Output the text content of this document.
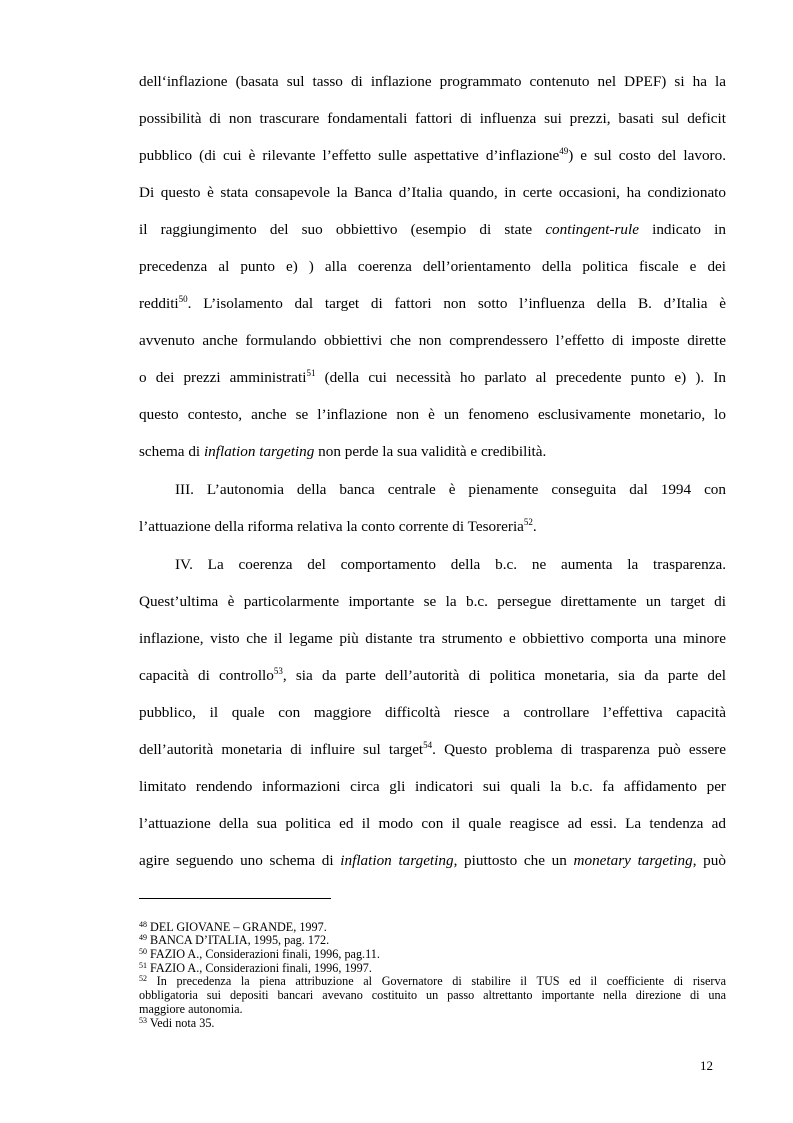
dell‘inflazione (basata sul tasso di inflazione programmato contenuto nel DPEF) si ha la
possibilità di non trascurare fondamentali fattori di influenza sui prezzi, basati sul deficit
pubblico (di cui è rilevante l’effetto sulle aspettative d’inflazione$^{49}$) e sul costo del lavoro.
Di questo è stata consapevole la Banca d’Italia quando, in certe occasioni, ha condizionato
il raggiungimento del suo obbiettivo (esempio di state contingent-rule indicato in
precedenza al punto e) ) alla coerenza dell’orientamento della politica fiscale e dei
redditi$^{50}$. L’isolamento dal target di fattori non sotto l’influenza della B. d’Italia è
avvenuto anche formulando obbiettivi che non comprendessero l’effetto di imposte dirette
o dei prezzi amministrati$^{51}$ (della cui necessità ho parlato al precedente punto e) ). In
questo contesto, anche se l’inflazione non è un fenomeno esclusivamente monetario, lo
schema di inflation targeting non perde la sua validità e credibilità.
III. L’autonomia della banca centrale è pienamente conseguita dal 1994 con
l’attuazione della riforma relativa la conto corrente di Tesoreria$^{52}$.
IV. La coerenza del comportamento della b.c. ne aumenta la trasparenza.
Quest’ultima è particolarmente importante se la b.c. persegue direttamente un target di
inflazione, visto che il legame più distante tra strumento e obbiettivo comporta una minore
capacità di controllo$^{53}$, sia da parte dell’autorità di politica monetaria, sia da parte del
pubblico, il quale con maggiore difficoltà riesce a controllare l’effettiva capacità
dell’autorità monetaria di influire sul target$^{54}$. Questo problema di trasparenza può essere
limitato rendendo informazioni circa gli indicatori sui quali la b.c. fa affidamento per
l’attuazione della sua politica ed il modo con il quale reagisce ad essi. La tendenza ad
agire seguendo uno schema di inflation targeting, piuttosto che un monetary targeting, può
$^{48}$ DEL GIOVANE – GRANDE, 1997.
$^{49}$ BANCA D’ITALIA, 1995, pag. 172.
$^{50}$ FAZIO A., Considerazioni finali, 1996, pag.11.
$^{51}$ FAZIO A., Considerazioni finali, 1996, 1997.
$^{52}$ In precedenza la piena attribuzione al Governatore di stabilire il TUS ed il coefficiente di riserva
obbligatoria sui depositi bancari avevano costituito un passo altrettanto importante nella direzione di una
maggiore autonomia.
$^{53}$ Vedi nota 35.
12
